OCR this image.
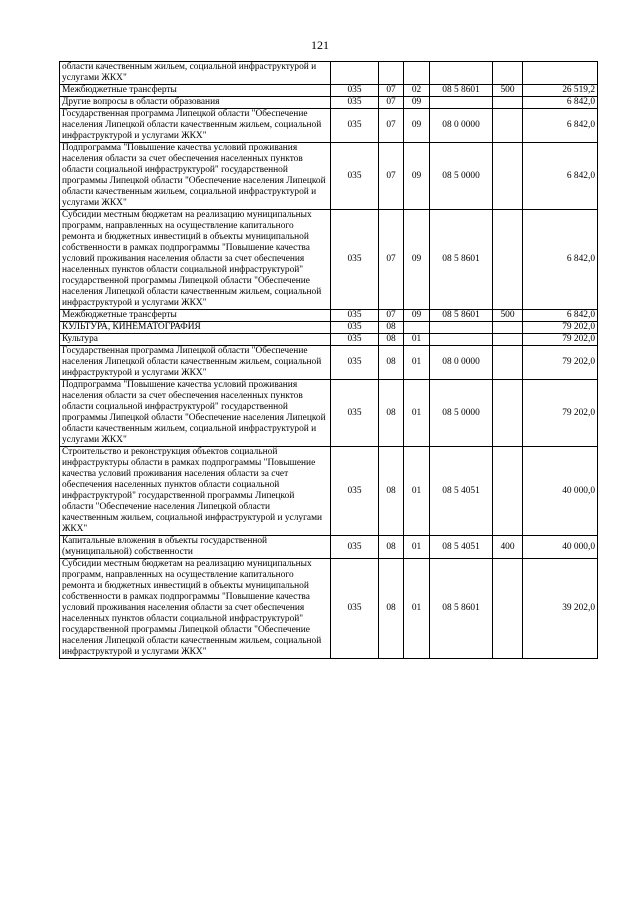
121
области качественным жильем, социальной инфраструктурой и услугами ЖКХ"						
Межбюджетные трансферты	035	07	02	08 5 8601	500	26 519,2
Другие вопросы в области образования	035	07	09			6 842,0
Государственная программа Липецкой области "Обеспечение населения Липецкой области качественным жильем, социальной инфраструктурой и услугами ЖКХ"	035	07	09	08 0 0000		6 842,0
Подпрограмма "Повышение качества условий проживания населения области за счет обеспечения населенных пунктов области социальной инфраструктурой" государственной программы Липецкой области "Обеспечение населения Липецкой области качественным жильем, социальной инфраструктурой и услугами ЖКХ"	035	07	09	08 5 0000		6 842,0
Субсидии местным бюджетам на реализацию муниципальных программ, направленных на осуществление капитального ремонта и бюджетных инвестиций в объекты муниципальной собственности в рамках подпрограммы "Повышение качества условий проживания населения области за счет обеспечения населенных пунктов области социальной инфраструктурой" государственной программы Липецкой области "Обеспечение населения Липецкой области качественным жильем, социальной инфраструктурой и услугами ЖКХ"	035	07	09	08 5 8601		6 842,0
Межбюджетные трансферты	035	07	09	08 5 8601	500	6 842,0
КУЛЬТУРА, КИНЕМАТОГРАФИЯ	035	08				79 202,0
Культура	035	08	01			79 202,0
Государственная программа Липецкой области "Обеспечение населения Липецкой области качественным жильем, социальной инфраструктурой и услугами ЖКХ"	035	08	01	08 0 0000		79 202,0
Подпрограмма "Повышение качества условий проживания населения области за счет обеспечения населенных пунктов области социальной инфраструктурой" государственной программы Липецкой области "Обеспечение населения Липецкой области качественным жильем, социальной инфраструктурой и услугами ЖКХ"	035	08	01	08 5 0000		79 202,0
Строительство и реконструкция объектов социальной инфраструктуры области в рамках подпрограммы "Повышение качества условий проживания населения области за счет обеспечения населенных пунктов области социальной инфраструктурой" государственной программы Липецкой области "Обеспечение населения Липецкой области качественным жильем, социальной инфраструктурой и услугами ЖКХ"	035	08	01	08 5 4051		40 000,0
Капитальные вложения в объекты государственной (муниципальной) собственности	035	08	01	08 5 4051	400	40 000,0
Субсидии местным бюджетам на реализацию муниципальных программ, направленных на осуществление капитального ремонта и бюджетных инвестиций в объекты муниципальной собственности в рамках подпрограммы "Повышение качества условий проживания населения области за счет обеспечения населенных пунктов области социальной инфраструктурой" государственной программы Липецкой области "Обеспечение населения Липецкой области качественным жильем, социальной инфраструктурой и услугами ЖКХ"	035	08	01	08 5 8601		39 202,0
